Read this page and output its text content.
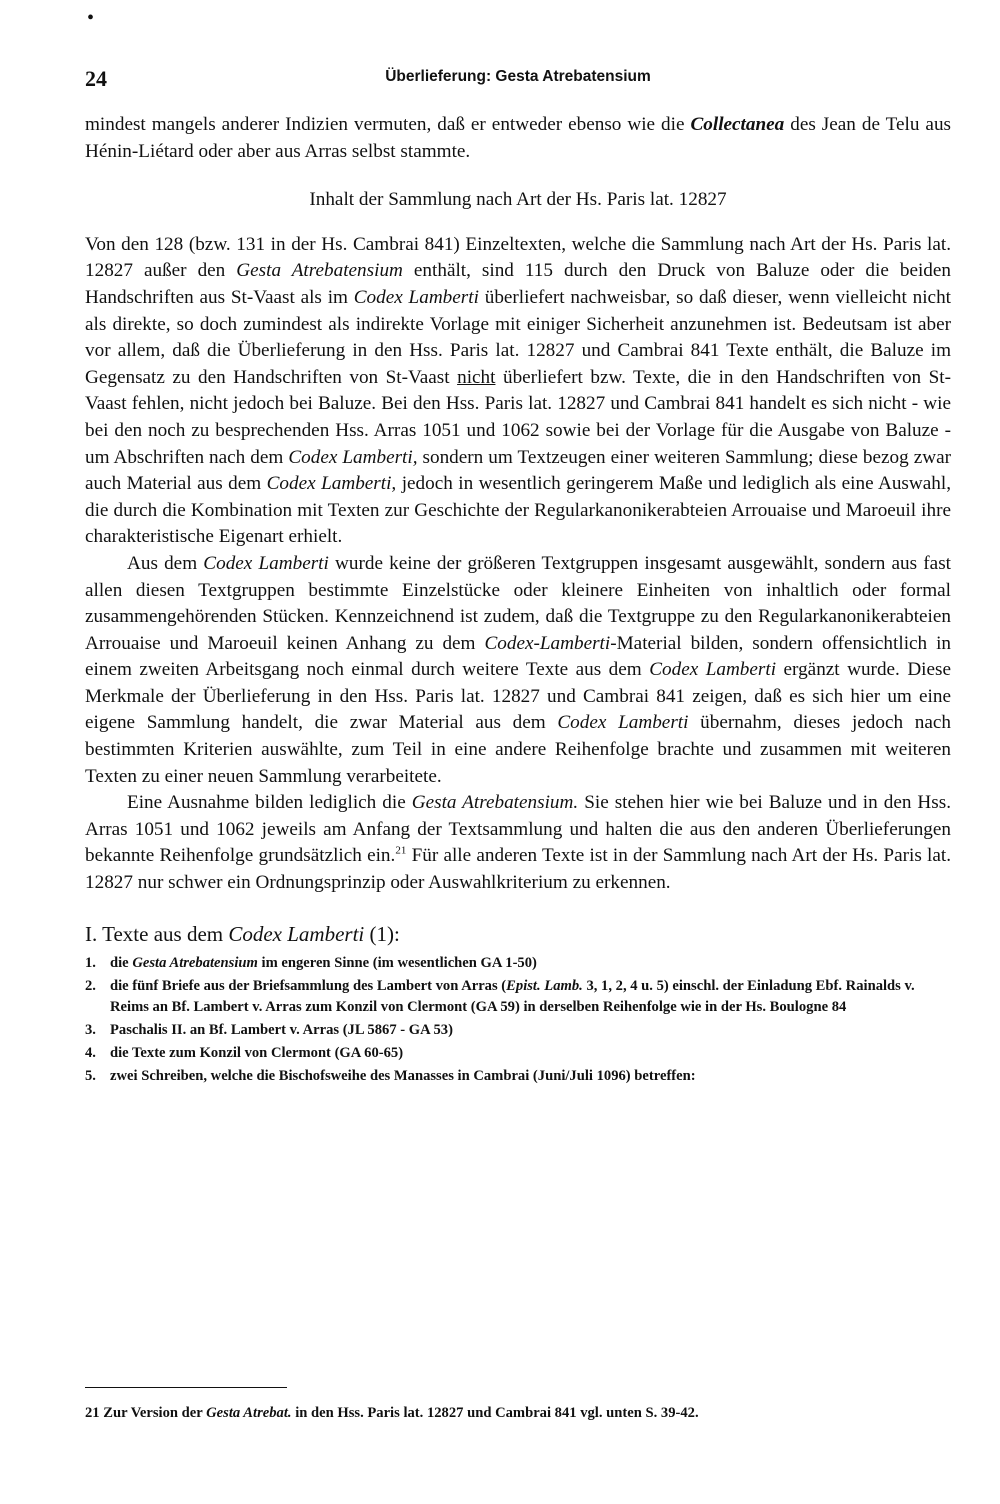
•
24	Überlieferung: Gesta Atrebatensium

mindest mangels anderer Indizien vermuten, daß er entweder ebenso wie die Collectanea des Jean de Telu aus Hénin-Liétard oder aber aus Arras selbst stammte.

Inhalt der Sammlung nach Art der Hs. Paris lat. 12827

Von den 128 (bzw. 131 in der Hs. Cambrai 841) Einzeltexten, welche die Sammlung nach Art der Hs. Paris lat. 12827 außer den Gesta Atrebatensium enthält, sind 115 durch den Druck von Baluze oder die beiden Handschriften aus St-Vaast als im Codex Lamberti überliefert nachweisbar, so daß dieser, wenn vielleicht nicht als direkte, so doch zumindest als indirekte Vorlage mit einiger Sicherheit anzunehmen ist. Bedeutsam ist aber vor allem, daß die Überlieferung in den Hss. Paris lat. 12827 und Cambrai 841 Texte enthält, die Baluze im Gegensatz zu den Handschriften von St-Vaast nicht überliefert bzw. Texte, die in den Handschriften von St-Vaast fehlen, nicht jedoch bei Baluze. Bei den Hss. Paris lat. 12827 und Cambrai 841 handelt es sich nicht - wie bei den noch zu besprechenden Hss. Arras 1051 und 1062 sowie bei der Vorlage für die Ausgabe von Baluze - um Abschriften nach dem Codex Lamberti, sondern um Textzeugen einer weiteren Sammlung; diese bezog zwar auch Material aus dem Codex Lamberti, jedoch in wesentlich geringerem Maße und lediglich als eine Auswahl, die durch die Kombination mit Texten zur Geschichte der Regularkanonikerabteien Arrouaise und Maroeuil ihre charakteristische Eigenart erhielt.

Aus dem Codex Lamberti wurde keine der größeren Textgruppen insgesamt ausgewählt, sondern aus fast allen diesen Textgruppen bestimmte Einzelstücke oder kleinere Einheiten von inhaltlich oder formal zusammengehörenden Stücken. Kennzeichnend ist zudem, daß die Textgruppe zu den Regularkanonikerabteien Arrouaise und Maroeuil keinen Anhang zu dem Codex-Lamberti-Material bilden, sondern offensichtlich in einem zweiten Arbeitsgang noch einmal durch weitere Texte aus dem Codex Lamberti ergänzt wurde. Diese Merkmale der Überlieferung in den Hss. Paris lat. 12827 und Cambrai 841 zeigen, daß es sich hier um eine eigene Sammlung handelt, die zwar Material aus dem Codex Lamberti übernahm, dieses jedoch nach bestimmten Kriterien auswählte, zum Teil in eine andere Reihenfolge brachte und zusammen mit weiteren Texten zu einer neuen Sammlung verarbeitete.

Eine Ausnahme bilden lediglich die Gesta Atrebatensium. Sie stehen hier wie bei Baluze und in den Hss. Arras 1051 und 1062 jeweils am Anfang der Textsammlung und halten die aus den anderen Überlieferungen bekannte Reihenfolge grundsätzlich ein.$^{21}$ Für alle anderen Texte ist in der Sammlung nach Art der Hs. Paris lat. 12827 nur schwer ein Ordnungsprinzip oder Auswahlkriterium zu erkennen.

I. Texte aus dem Codex Lamberti (1):
1. die Gesta Atrebatensium im engeren Sinne (im wesentlichen GA 1-50)
2. die fünf Briefe aus der Briefsammlung des Lambert von Arras (Epist. Lamb. 3, 1, 2, 4 u. 5) einschl. der Einladung Ebf. Rainalds v. Reims an Bf. Lambert v. Arras zum Konzil von Clermont (GA 59) in derselben Reihenfolge wie in der Hs. Boulogne 84
3. Paschalis II. an Bf. Lambert v. Arras (JL 5867 - GA 53)
4. die Texte zum Konzil von Clermont (GA 60-65)
5. zwei Schreiben, welche die Bischofsweihe des Manasses in Cambrai (Juni/Juli 1096) betreffen:
21 Zur Version der Gesta Atrebat. in den Hss. Paris lat. 12827 und Cambrai 841 vgl. unten S. 39-42.
